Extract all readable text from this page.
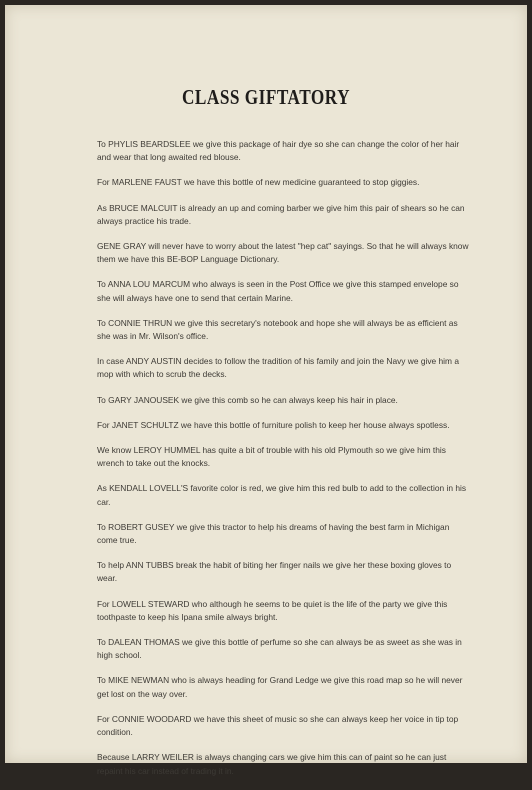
CLASS GIFTATORY

To PHYLIS BEARDSLEE we give this package of hair dye so she can change the color of her hair and wear that long awaited red blouse.

For MARLENE FAUST we have this bottle of new medicine guaranteed to stop giggies.

As BRUCE MALCUIT is already an up and coming barber we give him this pair of shears so he can always practice his trade.

GENE GRAY will never have to worry about the latest "hep cat" sayings. So that he will always know them we have this BE-BOP Language Dictionary.

To ANNA LOU MARCUM who always is seen in the Post Office we give this stamped envelope so she will always have one to send that certain Marine.

To CONNIE THRUN we give this secretary's notebook and hope she will always be as efficient as she was in Mr. Wilson's office.

In case ANDY AUSTIN decides to follow the tradition of his family and join the Navy we give him a mop with which to scrub the decks.

To GARY JANOUSEK we give this comb so he can always keep his hair in place.

For JANET SCHULTZ we have this bottle of furniture polish to keep her house always spotless.

We know LEROY HUMMEL has quite a bit of trouble with his old Plymouth so we give him this wrench to take out the knocks.

As KENDALL LOVELL'S favorite color is red, we give him this red bulb to add to the collection in his car.

To ROBERT GUSEY we give this tractor to help his dreams of having the best farm in Michigan come true.

To help ANN TUBBS break the habit of biting her finger nails we give her these boxing gloves to wear.

For LOWELL STEWARD who although he seems to be quiet is the life of the party we give this toothpaste to keep his Ipana smile always bright.

To DALEAN THOMAS we give this bottle of perfume so she can always be as sweet as she was in high school.

To MIKE NEWMAN who is always heading for Grand Ledge we give this road map so he will never get lost on the way over.

For CONNIE WOODARD we have this sheet of music so she can always keep her voice in tip top condition.

Because LARRY WEILER is always changing cars we give him this can of paint so he can just repaint his car instead of trading it in.
